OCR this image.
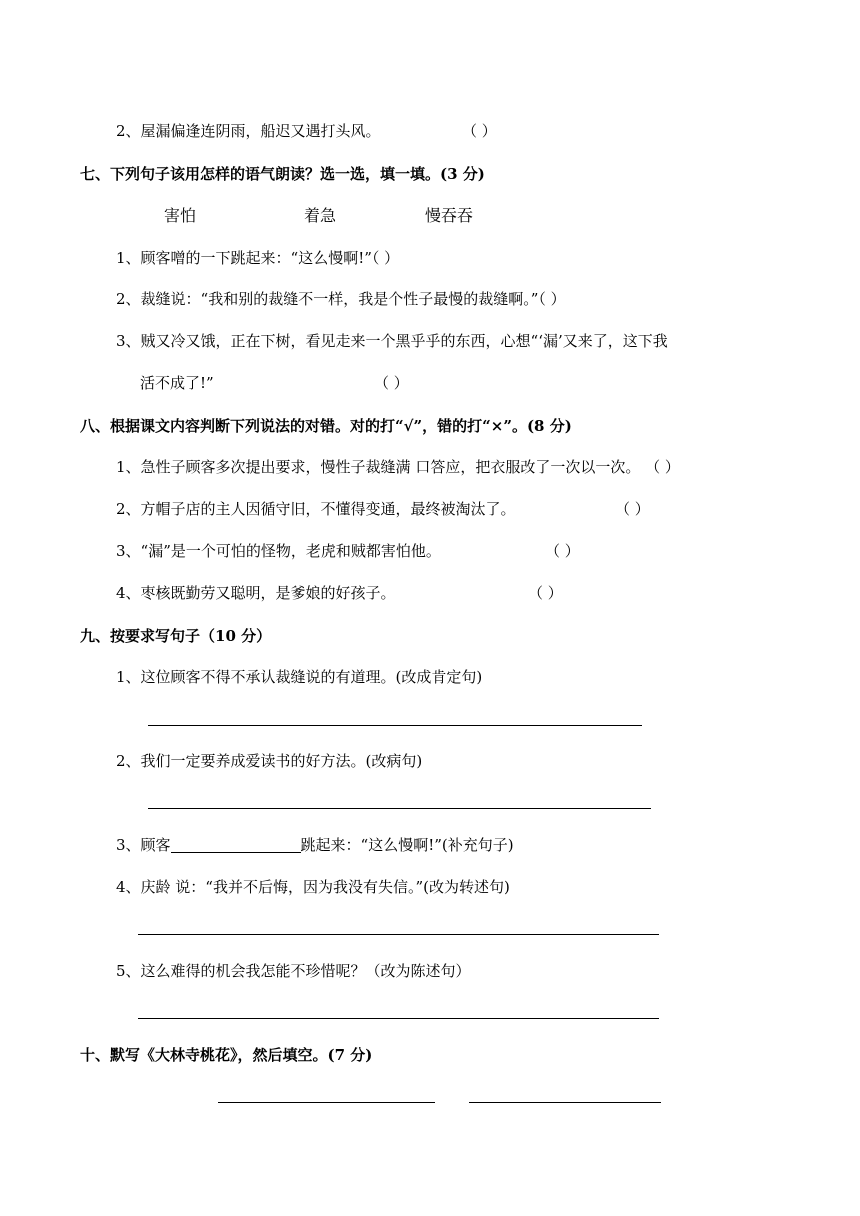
2、屋漏偏逢连阴雨，船迟又遇打头风。	（ ）
七、下列句子该用怎样的语气朗读？选一选，填一填。(3 分)
害怕	着急	慢吞吞
1、顾客噌的一下跳起来：“这么慢啊!”（ ）
2、裁缝说：“我和别的裁缝不一样，我是个性子最慢的裁缝啊。”（ ）
3、贼又冷又饿，正在下树，看见走来一个黑乎乎的东西，心想“‘漏’又来了，这下我
活不成了!”	（ ）
八、根据课文内容判断下列说法的对错。对的打“√”，错的打“×”。(8 分)
1、急性子顾客多次提出要求，慢性子裁缝满 口答应，把衣服改了一次以一次。 （ ）
2、方帽子店的主人因循守旧，不懂得变通，最终被淘汰了。	（ ）
3、“漏”是一个可怕的怪物，老虎和贼都害怕他。	（ ）
4、枣核既勤劳又聪明，是爹娘的好孩子。	（ ）
九、按要求写句子（10 分）
1、这位顾客不得不承认裁缝说的有道理。(改成肯定句)
2、我们一定要养成爱读书的好方法。(改病句)
3、顾客	跳起来：“这么慢啊!”(补充句子)
4、庆龄 说：“我并不后悔，因为我没有失信。”(改为转述句)
5、这么难得的机会我怎能不珍惜呢？（改为陈述句）
十、默写《大林寺桃花》，然后填空。(7 分)
